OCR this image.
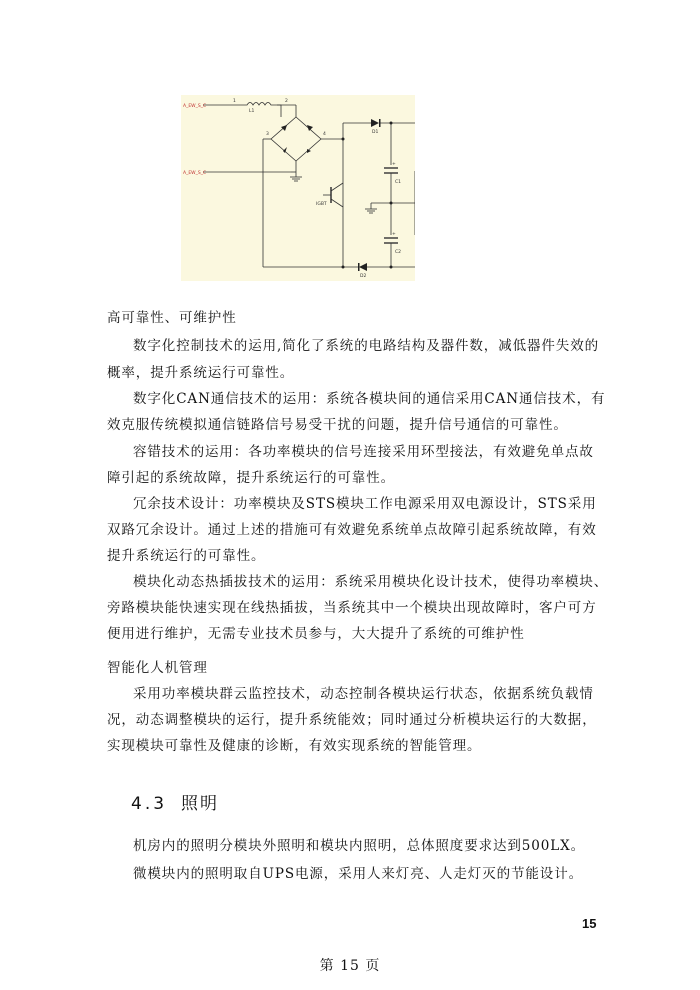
A_EW_S_C
A_EW_S_C
1	2
L1
3	4	D1
D2
C1
C2
IGBT
+
+
高可靠性、可维护性
数字化控制技术的运用,简化了系统的电路结构及器件数，减低器件失效的
概率，提升系统运行可靠性。
数字化CAN通信技术的运用：系统各模块间的通信采用CAN通信技术，有
效克服传统模拟通信链路信号易受干扰的问题，提升信号通信的可靠性。
容错技术的运用：各功率模块的信号连接采用环型接法，有效避免单点故
障引起的系统故障，提升系统运行的可靠性。
冗余技术设计：功率模块及STS模块工作电源采用双电源设计，STS采用
双路冗余设计。通过上述的措施可有效避免系统单点故障引起系统故障，有效
提升系统运行的可靠性。
模块化动态热插拔技术的运用：系统采用模块化设计技术，使得功率模块、
旁路模块能快速实现在线热插拔，当系统其中一个模块出现故障时，客户可方
便用进行维护，无需专业技术员参与，大大提升了系统的可维护性
智能化人机管理
采用功率模块群云监控技术，动态控制各模块运行状态，依据系统负载情
况，动态调整模块的运行，提升系统能效；同时通过分析模块运行的大数据，
实现模块可靠性及健康的诊断，有效实现系统的智能管理。
4.3 照明
机房内的照明分模块外照明和模块内照明，总体照度要求达到500LX。
微模块内的照明取自UPS电源，采用人来灯亮、人走灯灭的节能设计。
15
第 15 页
